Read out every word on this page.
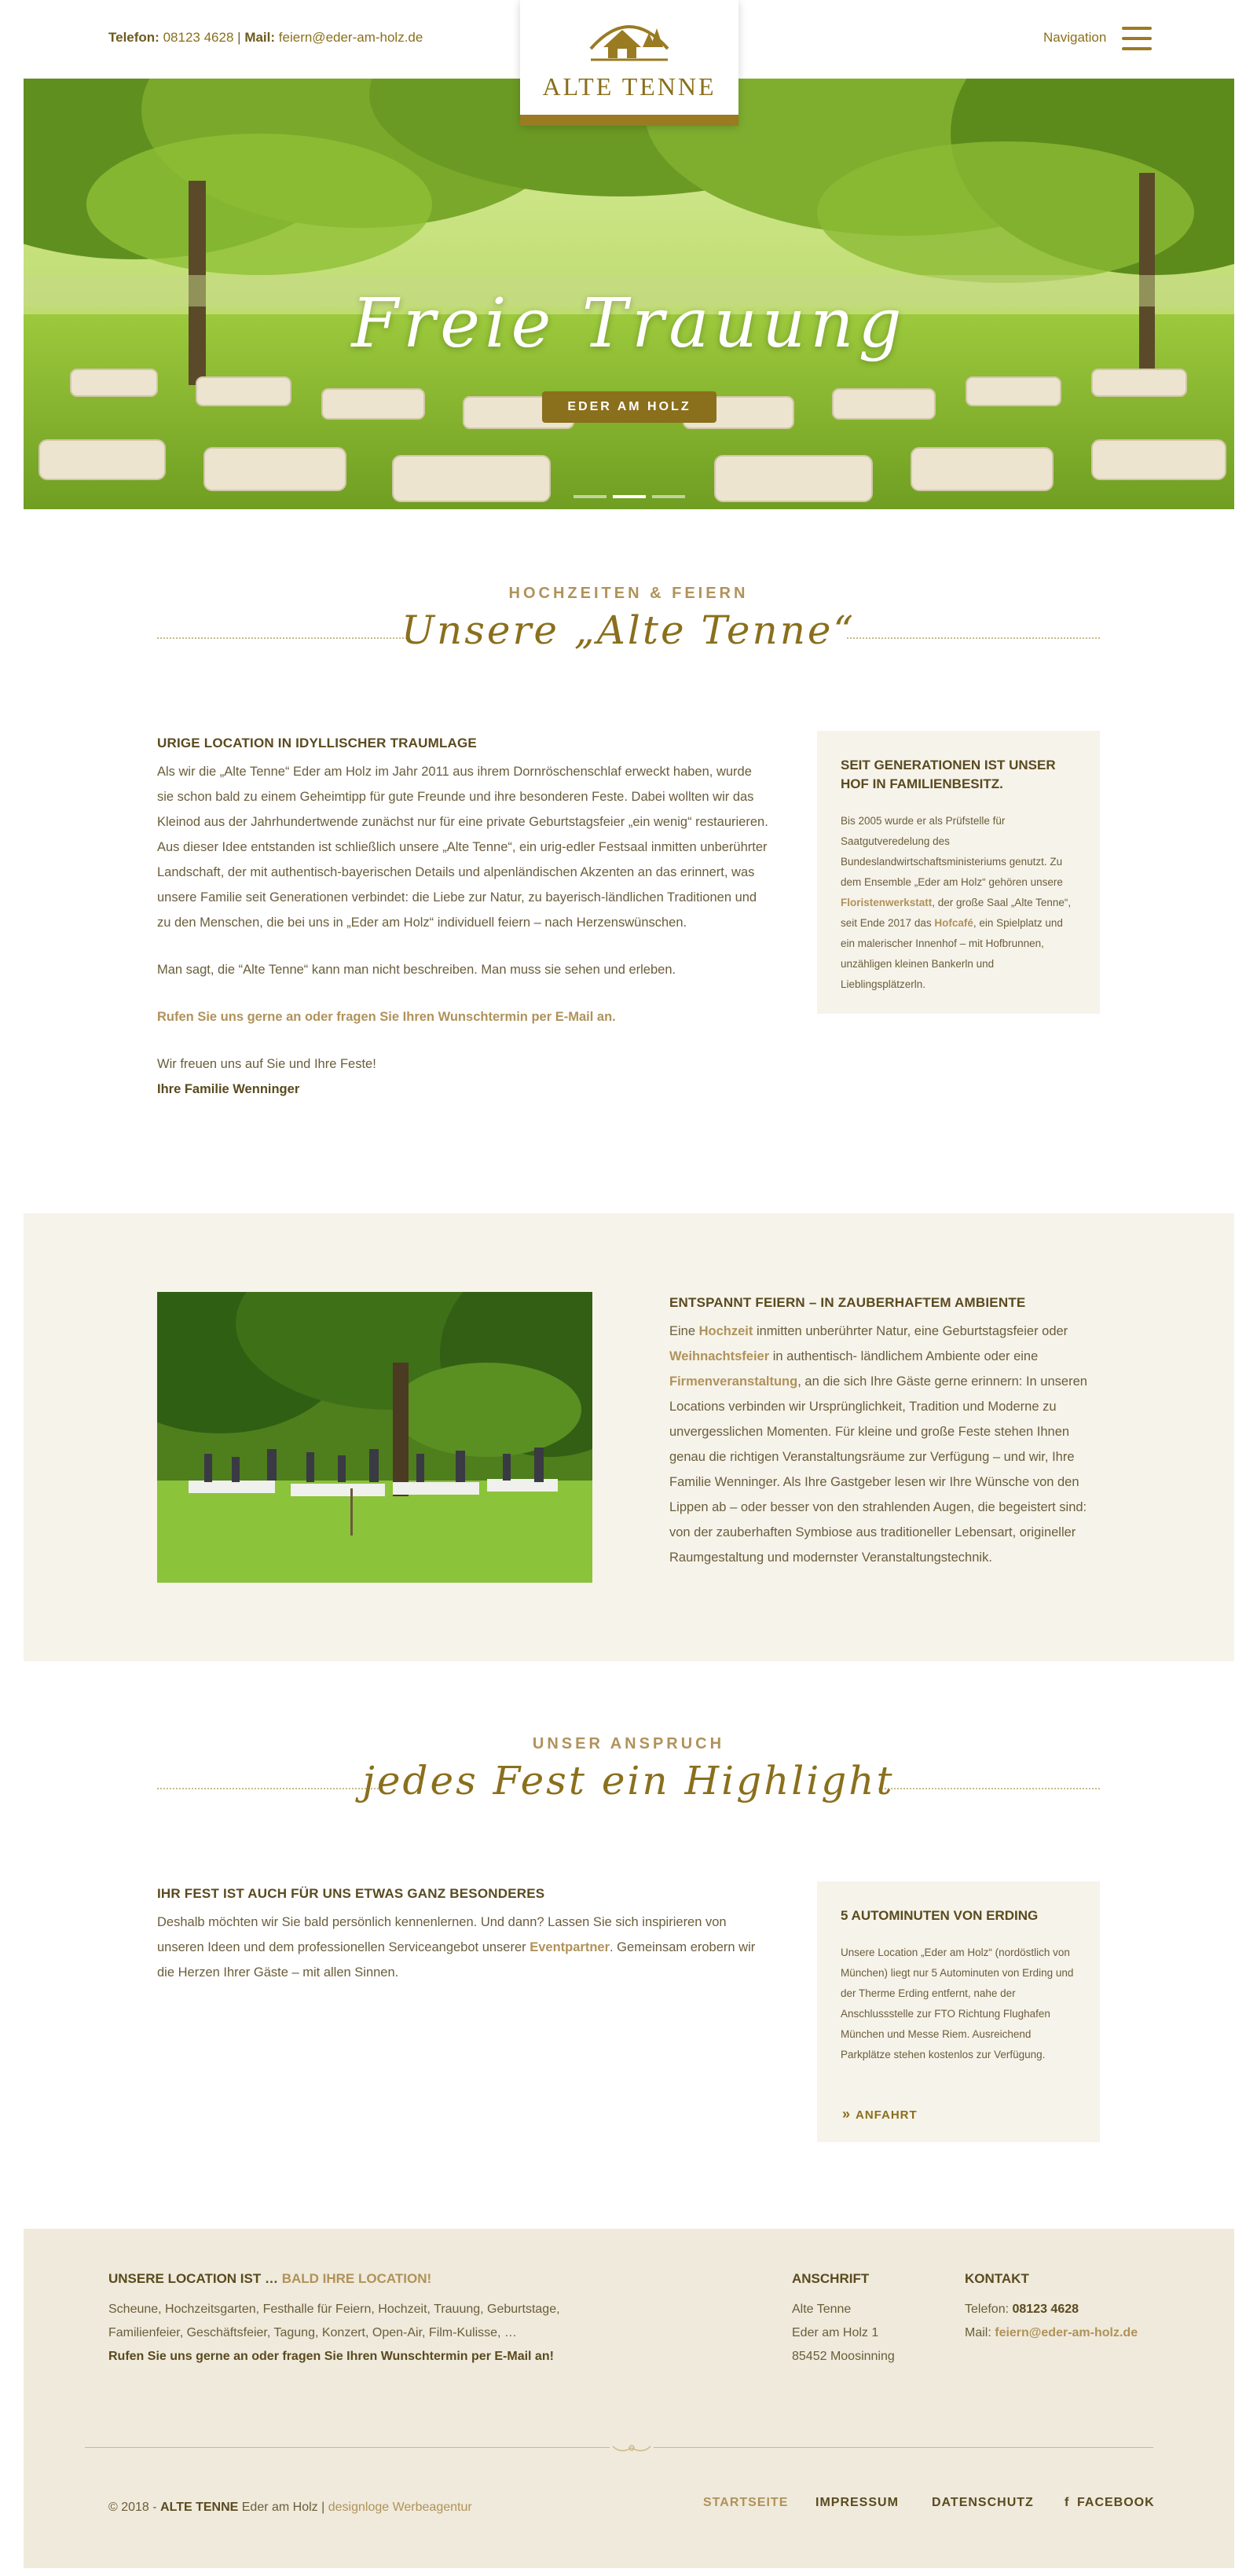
Telefon: 08123 4628 | Mail: feiern@eder-am-holz.de	Navigation
ALTE TENNE
Freie Trauung
EDER AM HOLZ
HOCHZEITEN & FEIERN
Unsere „Alte Tenne“
URIGE LOCATION IN IDYLLISCHER TRAUMLAGE

Als wir die „Alte Tenne“ Eder am Holz im Jahr 2011 aus ihrem Dornröschenschlaf erweckt haben, wurde sie schon bald zu einem Geheimtipp für gute Freunde und ihre besonderen Feste. Dabei wollten wir das Kleinod aus der Jahrhundertwende zunächst nur für eine private Geburtstagsfeier „ein wenig“ restaurieren. Aus dieser Idee entstanden ist schließlich unsere „Alte Tenne“, ein urig-edler Festsaal inmitten unberührter Landschaft, der mit authentisch-bayerischen Details und alpenländischen Akzenten an das erinnert, was unsere Familie seit Generationen verbindet: die Liebe zur Natur, zu bayerisch-ländlichen Traditionen und zu den Menschen, die bei uns in „Eder am Holz“ individuell feiern – nach Herzenswünschen.

Man sagt, die “Alte Tenne“ kann man nicht beschreiben. Man muss sie sehen und erleben.

Rufen Sie uns gerne an oder fragen Sie Ihren Wunschtermin per E-Mail an.

Wir freuen uns auf Sie und Ihre Feste!

Ihre Familie Wenninger

SEIT GENERATIONEN IST UNSER HOF IN FAMILIENBESITZ.
Bis 2005 wurde er als Prüfstelle für Saatgutveredelung des Bundeslandwirtschaftsministeriums genutzt. Zu dem Ensemble „Eder am Holz“ gehören unsere Floristenwerkstatt, der große Saal „Alte Tenne“, seit Ende 2017 das Hofcafé, ein Spielplatz und ein malerischer Innenhof – mit Hofbrunnen, unzähligen kleinen Bankerln und Lieblingsplätzerln.
ENTSPANNT FEIERN – IN ZAUBERHAFTEM AMBIENTE

Eine Hochzeit inmitten unberührter Natur, eine Geburtstagsfeier oder Weihnachtsfeier in authentisch- ländlichem Ambiente oder eine Firmenveranstaltung, an die sich Ihre Gäste gerne erinnern: In unseren Locations verbinden wir Ursprünglichkeit, Tradition und Moderne zu unvergesslichen Momenten. Für kleine und große Feste stehen Ihnen genau die richtigen Veranstaltungsräume zur Verfügung – und wir, Ihre Familie Wenninger. Als Ihre Gastgeber lesen wir Ihre Wünsche von den Lippen ab – oder besser von den strahlenden Augen, die begeistert sind: von der zauberhaften Symbiose aus traditioneller Lebensart, origineller Raumgestaltung und modernster Veranstaltungstechnik.

UNSER ANSPRUCH
jedes Fest ein Highlight
IHR FEST IST AUCH FÜR UNS ETWAS GANZ BESONDERES

Deshalb möchten wir Sie bald persönlich kennenlernen. Und dann? Lassen Sie sich inspirieren von unseren Ideen und dem professionellen Serviceangebot unserer Eventpartner. Gemeinsam erobern wir die Herzen Ihrer Gäste – mit allen Sinnen.

5 AUTOMINUTEN VON ERDING
Unsere Location „Eder am Holz“ (nordöstlich von München) liegt nur 5 Autominuten von Erding und der Therme Erding entfernt, nahe der Anschlussstelle zur FTO Richtung Flughafen München und Messe Riem. Ausreichend Parkplätze stehen kostenlos zur Verfügung.
» ANFAHRT
UNSERE LOCATION IST … BALD IHRE LOCATION!

Scheune, Hochzeitsgarten, Festhalle für Feiern, Hochzeit, Trauung, Geburtstage, Familienfeier, Geschäftsfeier, Tagung, Konzert, Open-Air, Film-Kulisse, …

Rufen Sie uns gerne an oder fragen Sie Ihren Wunschtermin per E-Mail an!

ANSCHRIFT

Alte Tenne

Eder am Holz 1

85452 Moosinning

KONTAKT

Telefon: 08123 4628

Mail: feiern@eder-am-holz.de

© 2018 - ALTE TENNE Eder am Holz | designloge Werbeagentur	STARTSEITE IMPRESSUM	DATENSCHUTZ f FACEBOOK
